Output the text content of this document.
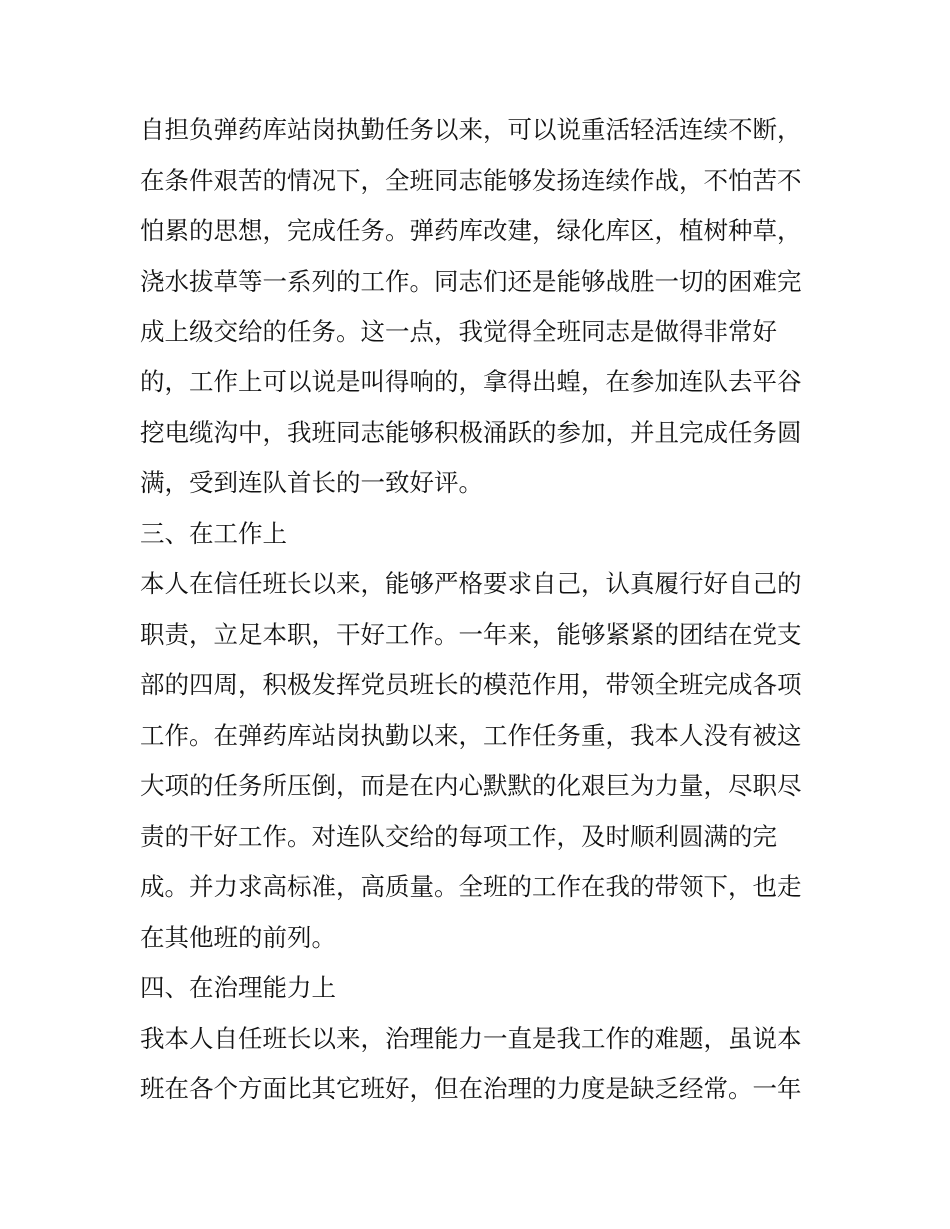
自担负弹药库站岗执勤任务以来，可以说重活轻活连续不断，
在条件艰苦的情况下，全班同志能够发扬连续作战，不怕苦不
怕累的思想，完成任务。弹药库改建，绿化库区，植树种草，
浇水拔草等一系列的工作。同志们还是能够战胜一切的困难完
成上级交给的任务。这一点，我觉得全班同志是做得非常好
的，工作上可以说是叫得响的，拿得出蝗，在参加连队去平谷
挖电缆沟中，我班同志能够积极涌跃的参加，并且完成任务圆
满，受到连队首长的一致好评。
三、在工作上
本人在信任班长以来，能够严格要求自己，认真履行好自己的
职责，立足本职，干好工作。一年来，能够紧紧的团结在党支
部的四周，积极发挥党员班长的模范作用，带领全班完成各项
工作。在弹药库站岗执勤以来，工作任务重，我本人没有被这
大项的任务所压倒，而是在内心默默的化艰巨为力量，尽职尽
责的干好工作。对连队交给的每项工作，及时顺利圆满的完
成。并力求高标准，高质量。全班的工作在我的带领下，也走
在其他班的前列。
四、在治理能力上
我本人自任班长以来，治理能力一直是我工作的难题，虽说本
班在各个方面比其它班好，但在治理的力度是缺乏经常。一年
